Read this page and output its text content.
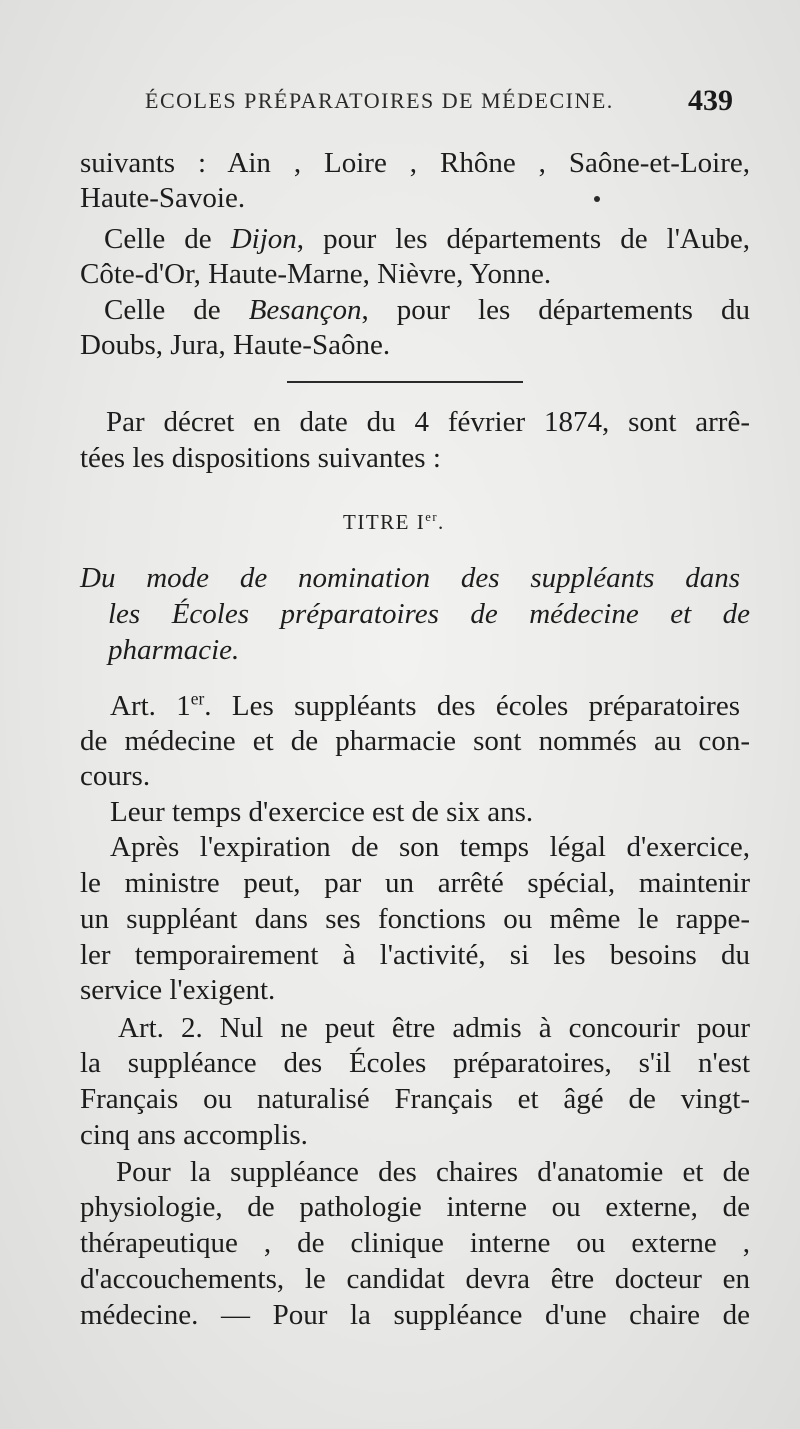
ÉCOLES PRÉPARATOIRES DE MÉDECINE. 439
suivants : Ain , Loire , Rhône , Saône-et-Loire,
Haute-Savoie.
Celle de Dijon, pour les départements de l'Aube,
Côte-d'Or, Haute-Marne, Nièvre, Yonne.
Celle de Besançon, pour les départements du
Doubs, Jura, Haute-Saône.
Par décret en date du 4 février 1874, sont arrê-
tées les dispositions suivantes :
TITRE Ier.
Du mode de nomination des suppléants dans
les Écoles préparatoires de médecine et de
pharmacie.
Art. 1er. Les suppléants des écoles préparatoires
de médecine et de pharmacie sont nommés au con-
cours.
Leur temps d'exercice est de six ans.
Après l'expiration de son temps légal d'exercice,
le ministre peut, par un arrêté spécial, maintenir
un suppléant dans ses fonctions ou même le rappe-
ler temporairement à l'activité, si les besoins du
service l'exigent.
Art. 2. Nul ne peut être admis à concourir pour
la suppléance des Écoles préparatoires, s'il n'est
Français ou naturalisé Français et âgé de vingt-
cinq ans accomplis.
Pour la suppléance des chaires d'anatomie et de
physiologie, de pathologie interne ou externe, de
thérapeutique , de clinique interne ou externe ,
d'accouchements, le candidat devra être docteur en
médecine. — Pour la suppléance d'une chaire de
